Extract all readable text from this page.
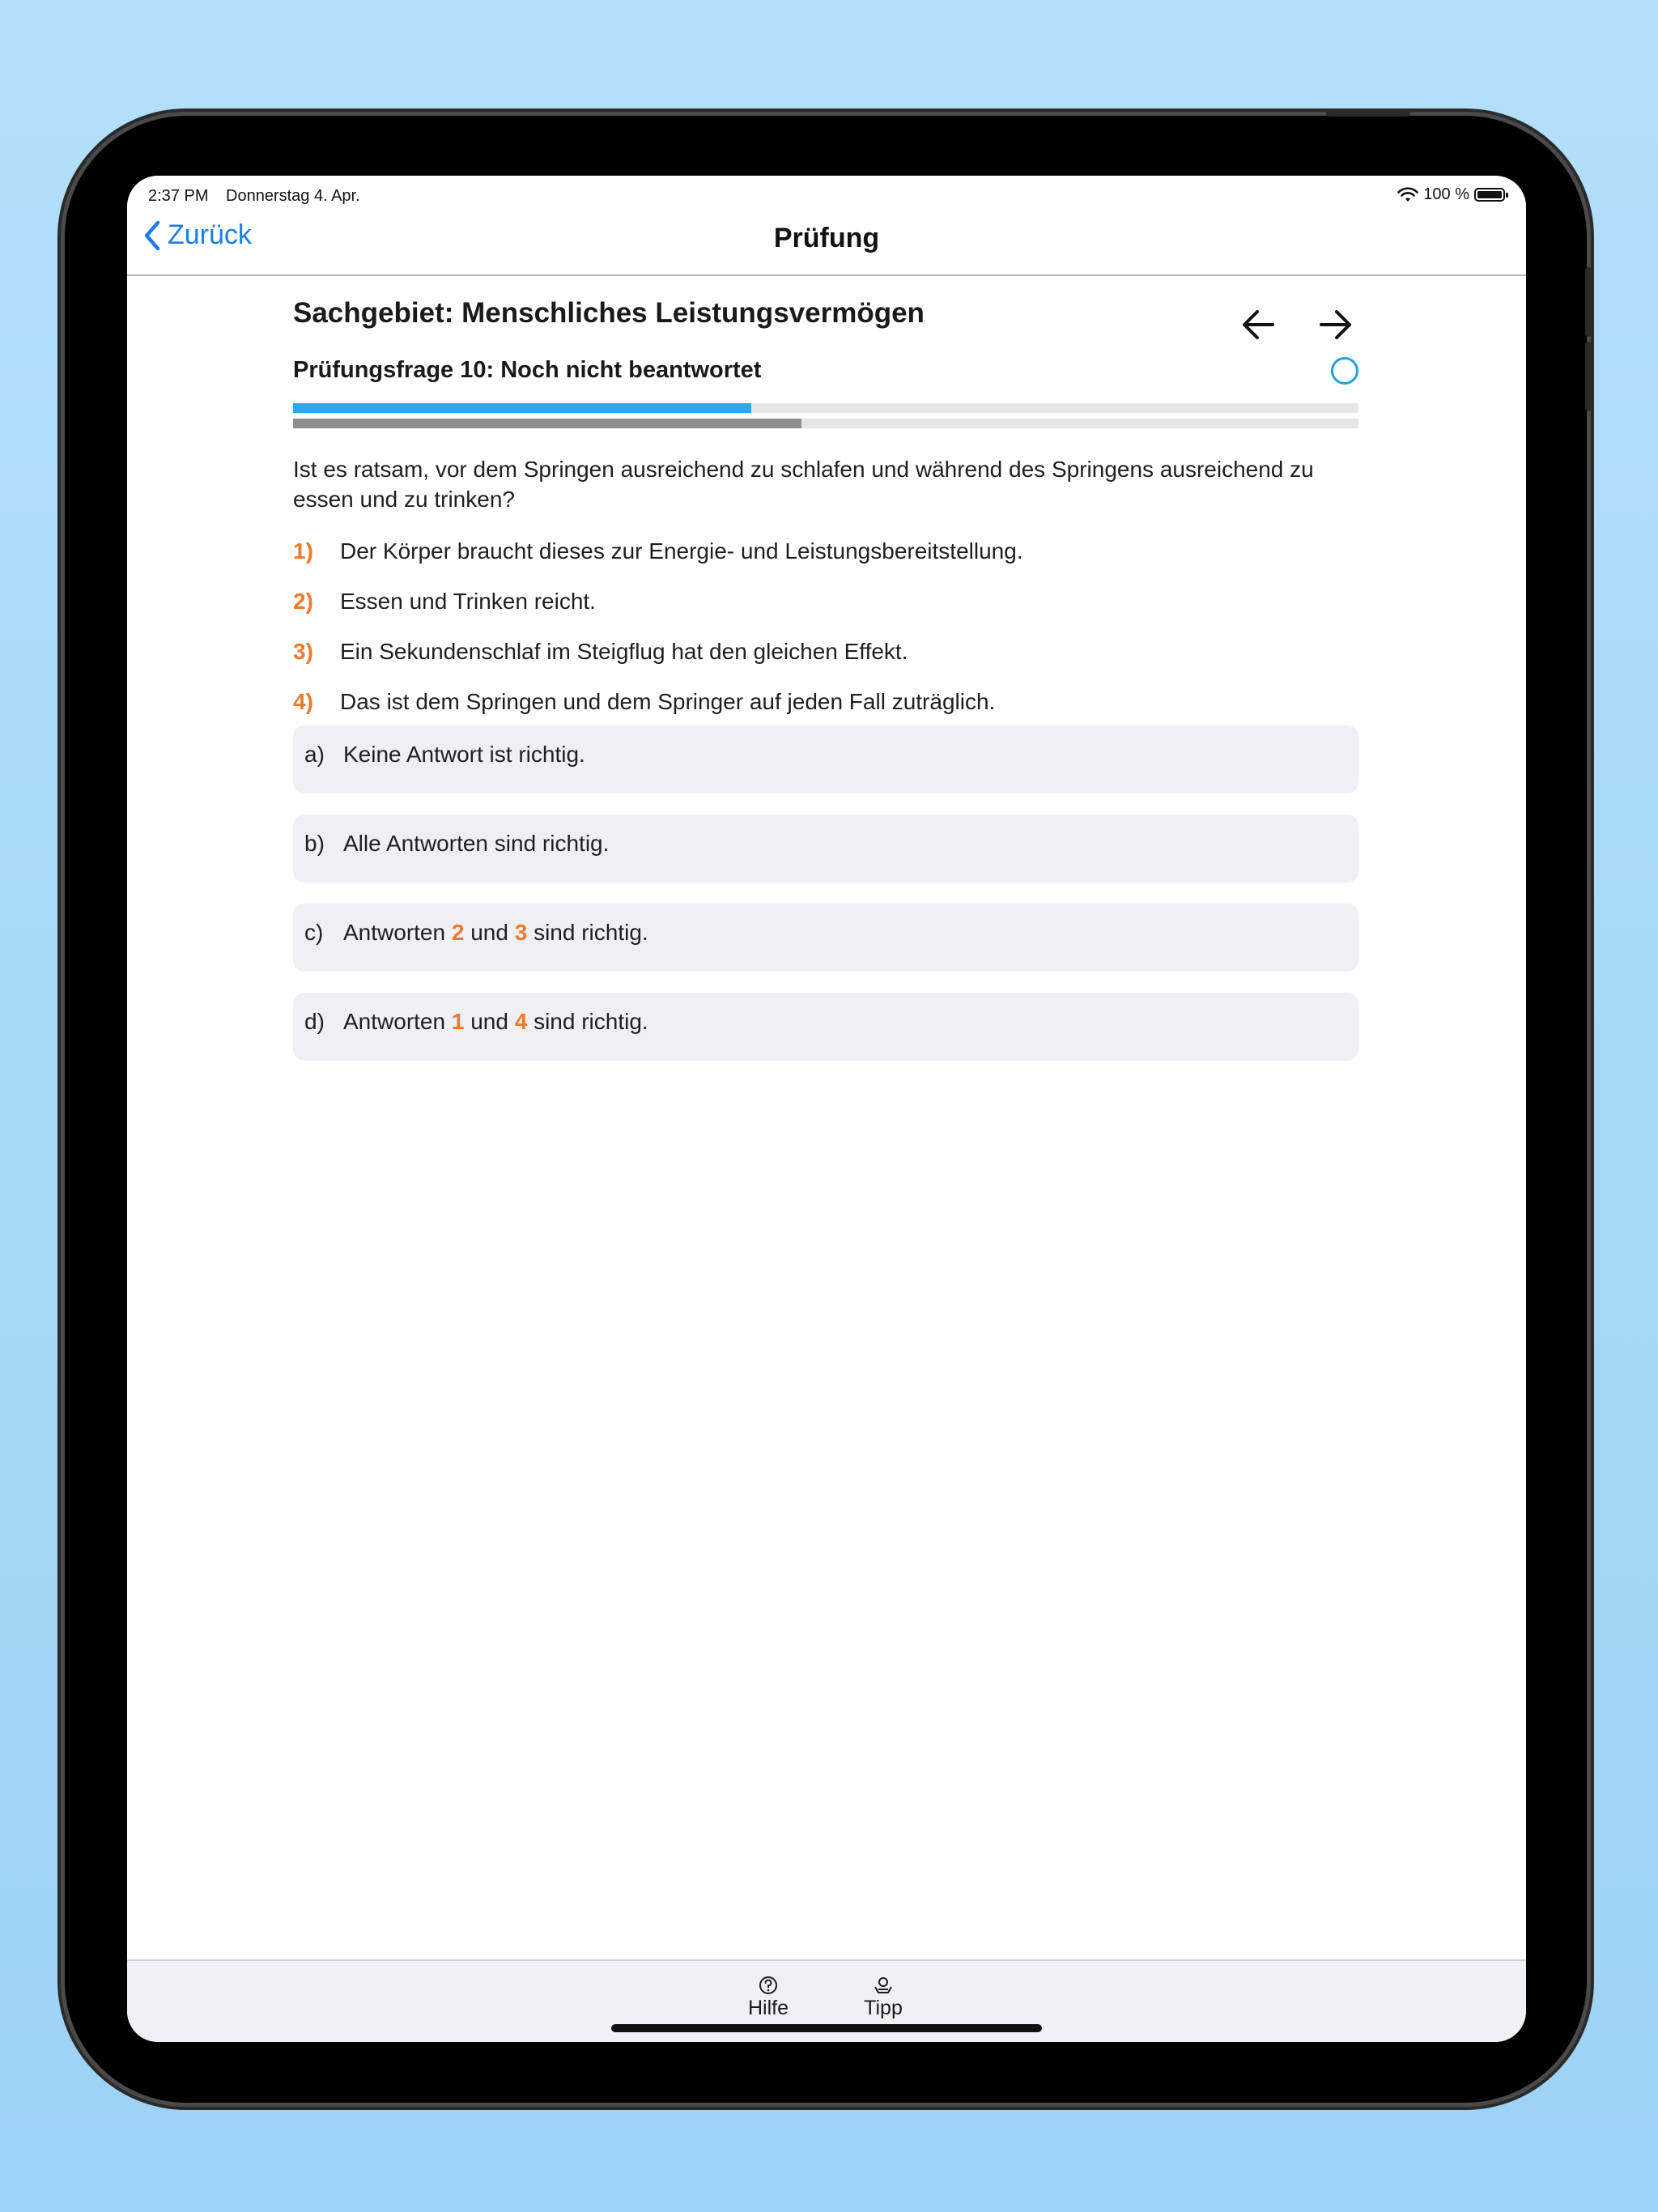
2:37 PM Donnerstag 4. Apr.	100 %
Zurück	Prüfung
Sachgebiet: Menschliches Leistungsvermögen
Prüfungsfrage 10: Noch nicht beantwortet
Ist es ratsam, vor dem Springen ausreichend zu schlafen und während des Springens ausreichend zu essen und zu trinken?
1)	Der Körper braucht dieses zur Energie- und Leistungsbereitstellung.
2)	Essen und Trinken reicht.
3)	Ein Sekundenschlaf im Steigflug hat den gleichen Effekt.
4)	Das ist dem Springen und dem Springer auf jeden Fall zuträglich.
a) Keine Antwort ist richtig.
b) Alle Antworten sind richtig.
c) Antworten 2 und 3 sind richtig.
d) Antworten 1 und 4 sind richtig.
Hilfe	Tipp
